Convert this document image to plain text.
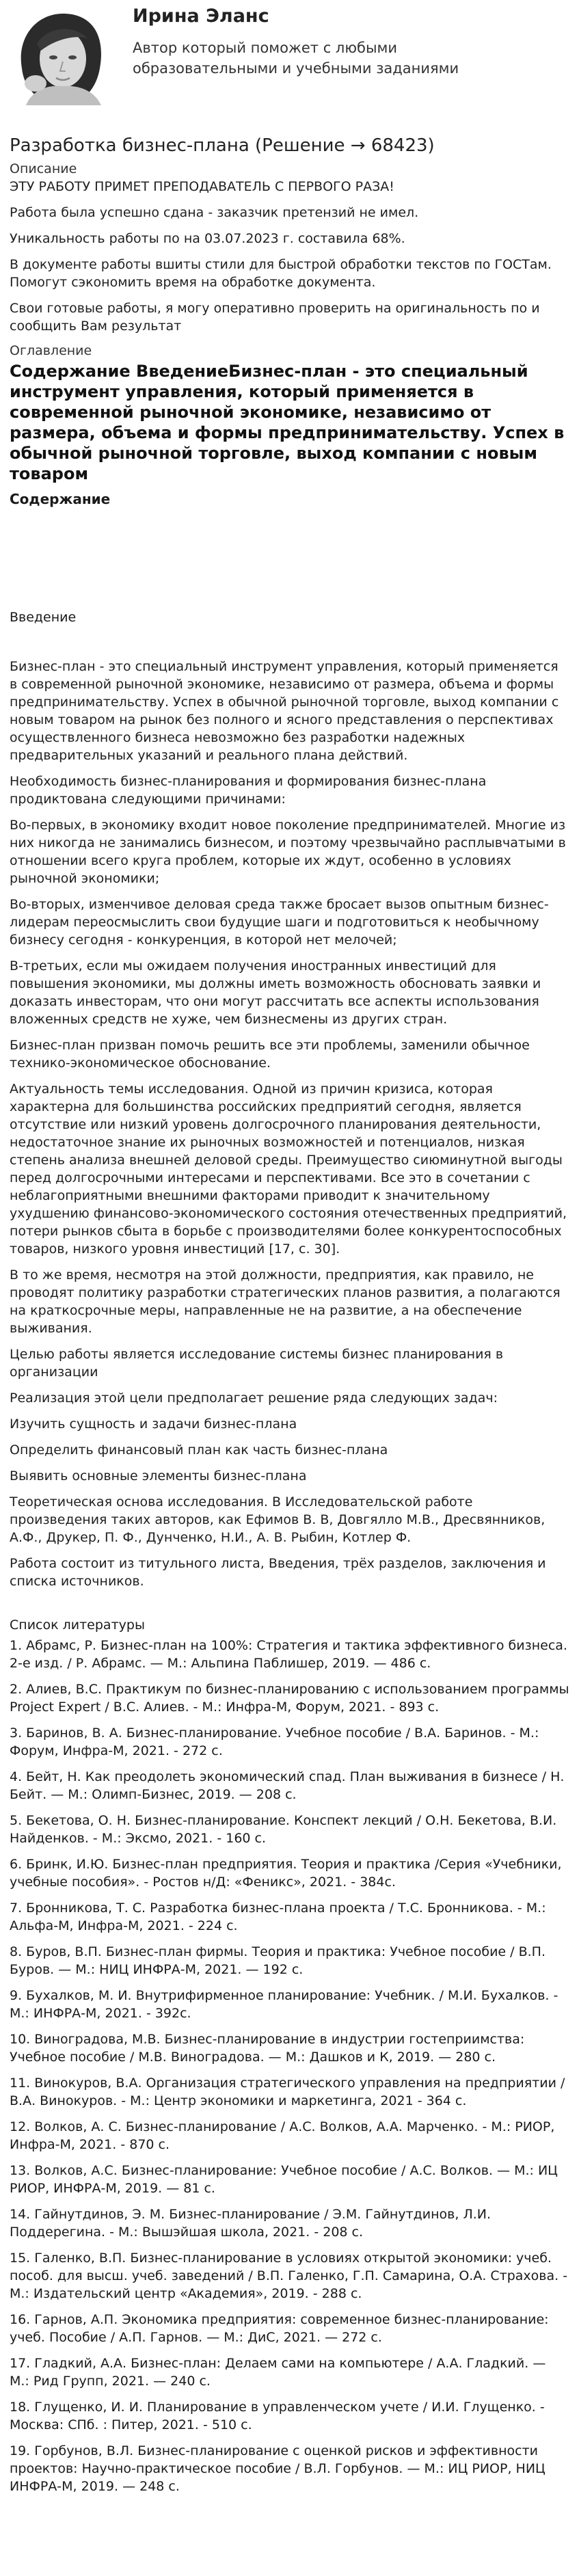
Ирина Эланс
Автор который поможет с любыми образовательными и учебными заданиями
Разработка бизнес-плана (Решение → 68423)
Описание

ЭТУ РАБОТУ ПРИМЕТ ПРЕПОДАВАТЕЛЬ С ПЕРВОГО РАЗА!

Работа была успешно сдана - заказчик претензий не имел.

Уникальность работы по на 03.07.2023 г. составила 68%.

В документе работы вшиты стили для быстрой обработки текстов по ГОСТам. Помогут сэкономить время на обработке документа.

Свои готовые работы, я могу оперативно проверить на оригинальность по и сообщить Вам результат

Оглавление
Содержание ВведениеБизнес-план - это специальный инструмент управления, который применяется в современной рыночной экономике, независимо от размера, объема и формы предпринимательству. Успех в обычной рыночной торговле, выход компании с новым товаром
Содержание
Введение

Бизнес-план - это специальный инструмент управления, который применяется в современной рыночной экономике, независимо от размера, объема и формы предпринимательству. Успех в обычной рыночной торговле, выход компании с новым товаром на рынок без полного и ясного представления о перспективах осуществленного бизнеса невозможно без разработки надежных предварительных указаний и реального плана действий.

Необходимость бизнес-планирования и формирования бизнес-плана продиктована следующими причинами:

Во-первых, в экономику входит новое поколение предпринимателей. Многие из них никогда не занимались бизнесом, и поэтому чрезвычайно расплывчатыми в отношении всего круга проблем, которые их ждут, особенно в условиях рыночной экономики;

Во-вторых, изменчивое деловая среда также бросает вызов опытным бизнес-лидерам переосмыслить свои будущие шаги и подготовиться к необычному бизнесу сегодня - конкуренция, в которой нет мелочей;

В-третьих, если мы ожидаем получения иностранных инвестиций для повышения экономики, мы должны иметь возможность обосновать заявки и доказать инвесторам, что они могут рассчитать все аспекты использования вложенных средств не хуже, чем бизнесмены из других стран.

Бизнес-план призван помочь решить все эти проблемы, заменили обычное технико-экономическое обоснование.

Актуальность темы исследования. Одной из причин кризиса, которая характерна для большинства российских предприятий сегодня, является отсутствие или низкий уровень долгосрочного планирования деятельности, недостаточное знание их рыночных возможностей и потенциалов, низкая степень анализа внешней деловой среды. Преимущество сиюминутной выгоды перед долгосрочными интересами и перспективами. Все это в сочетании с неблагоприятными внешними факторами приводит к значительному ухудшению финансово-экономического состояния отечественных предприятий, потери рынков сбыта в борьбе с производителями более конкурентоспособных товаров, низкого уровня инвестиций [17, с. 30].

В то же время, несмотря на этой должности, предприятия, как правило, не проводят политику разработки стратегических планов развития, а полагаются на краткосрочные меры, направленные не на развитие, а на обеспечение выживания.

Целью работы является исследование системы бизнес планирования в организации

Реализация этой цели предполагает решение ряда следующих задач:

Изучить сущность и задачи бизнес-плана

Определить финансовый план как часть бизнес-плана

Выявить основные элементы бизнес-плана

Теоретическая основа исследования. В Исследовательской работе произведения таких авторов, как Ефимов В. В, Довгялло М.В., Дресвянников, А.Ф., Друкер, П. Ф., Дунченко, Н.И., А. В. Рыбин, Котлер Ф.

Работа состоит из титульного листа, Введения, трёх разделов, заключения и списка источников.

Список литературы
1. Абрамс, Р. Бизнес-план на 100%: Стратегия и тактика эффективного бизнеса. 2-е изд. / Р. Абрамс. — М.: Альпина Паблишер, 2019. — 486 с.
2. Алиев, В.С. Практикум по бизнес-планированию с использованием программы Project Expert / В.С. Алиев. - М.: Инфра-М, Форум, 2021. - 893 с.
3. Баринов, В. А. Бизнес-планирование. Учебное пособие / В.А. Баринов. - М.: Форум, Инфра-М, 2021. - 272 с.
4. Бейт, Н. Как преодолеть экономический спад. План выживания в бизнесе / Н. Бейт. — М.: Олимп-Бизнес, 2019. — 208 с.
5. Бекетова, О. Н. Бизнес-планирование. Конспект лекций / О.Н. Бекетова, В.И. Найденков. - М.: Эксмо, 2021. - 160 с.
6. Бринк, И.Ю. Бизнес-план предприятия. Теория и практика /Серия «Учебники, учебные пособия». - Ростов н/Д: «Феникс», 2021. - 384с.
7. Бронникова, Т. С. Разработка бизнес-плана проекта / Т.С. Бронникова. - М.: Альфа-М, Инфра-М, 2021. - 224 с.
8. Буров, В.П. Бизнес-план фирмы. Теория и практика: Учебное пособие / В.П. Буров. — М.: НИЦ ИНФРА-М, 2021. — 192 c.
9. Бухалков, М. И. Внутрифирменное планирование: Учебник. / М.И. Бухалков. - М.: ИНФРА-М, 2021. - 392с.
10. Виноградова, М.В. Бизнес-планирование в индустрии гостеприимства: Учебное пособие / М.В. Виноградова. — М.: Дашков и К, 2019. — 280 c.
11. Винокуров, В.А. Организация стратегического управления на предприятии / В.А. Винокуров. - М.: Центр экономики и маркетинга, 2021 - 364 с.
12. Волков, А. С. Бизнес-планирование / А.С. Волков, А.А. Марченко. - М.: РИОР, Инфра-М, 2021. - 870 с.
13. Волков, А.С. Бизнес-планирование: Учебное пособие / А.С. Волков. — М.: ИЦ РИОР, ИНФРА-М, 2019. — 81 c.
14. Гайнутдинов, Э. М. Бизнес-планирование / Э.М. Гайнутдинов, Л.И. Поддерегина. - М.: Вышэйшая школа, 2021. - 208 с.
15. Галенко, В.П. Бизнес-планирование в условиях открытой экономики: учеб. пособ. для высш. учеб. заведений / В.П. Галенко, Г.П. Самарина, О.А. Страхова. - М.: Издательский центр «Академия», 2019. - 288 с.
16. Гарнов, А.П. Экономика предприятия: современное бизнес-планирование: учеб. Пособие / А.П. Гарнов. — М.: ДиС, 2021. — 272 c.
17. Гладкий, А.А. Бизнес-план: Делаем сами на компьютере / А.А. Гладкий. — М.: Рид Групп, 2021. — 240 c.
18. Глущенко, И. И. Планирование в управленческом учете / И.И. Глущенко. - Москва: СПб. : Питер, 2021. - 510 с.
19. Горбунов, В.Л. Бизнес-планирование с оценкой рисков и эффективности проектов: Научно-практическое пособие / В.Л. Горбунов. — М.: ИЦ РИОР, НИЦ ИНФРА-М, 2019. — 248 c.
